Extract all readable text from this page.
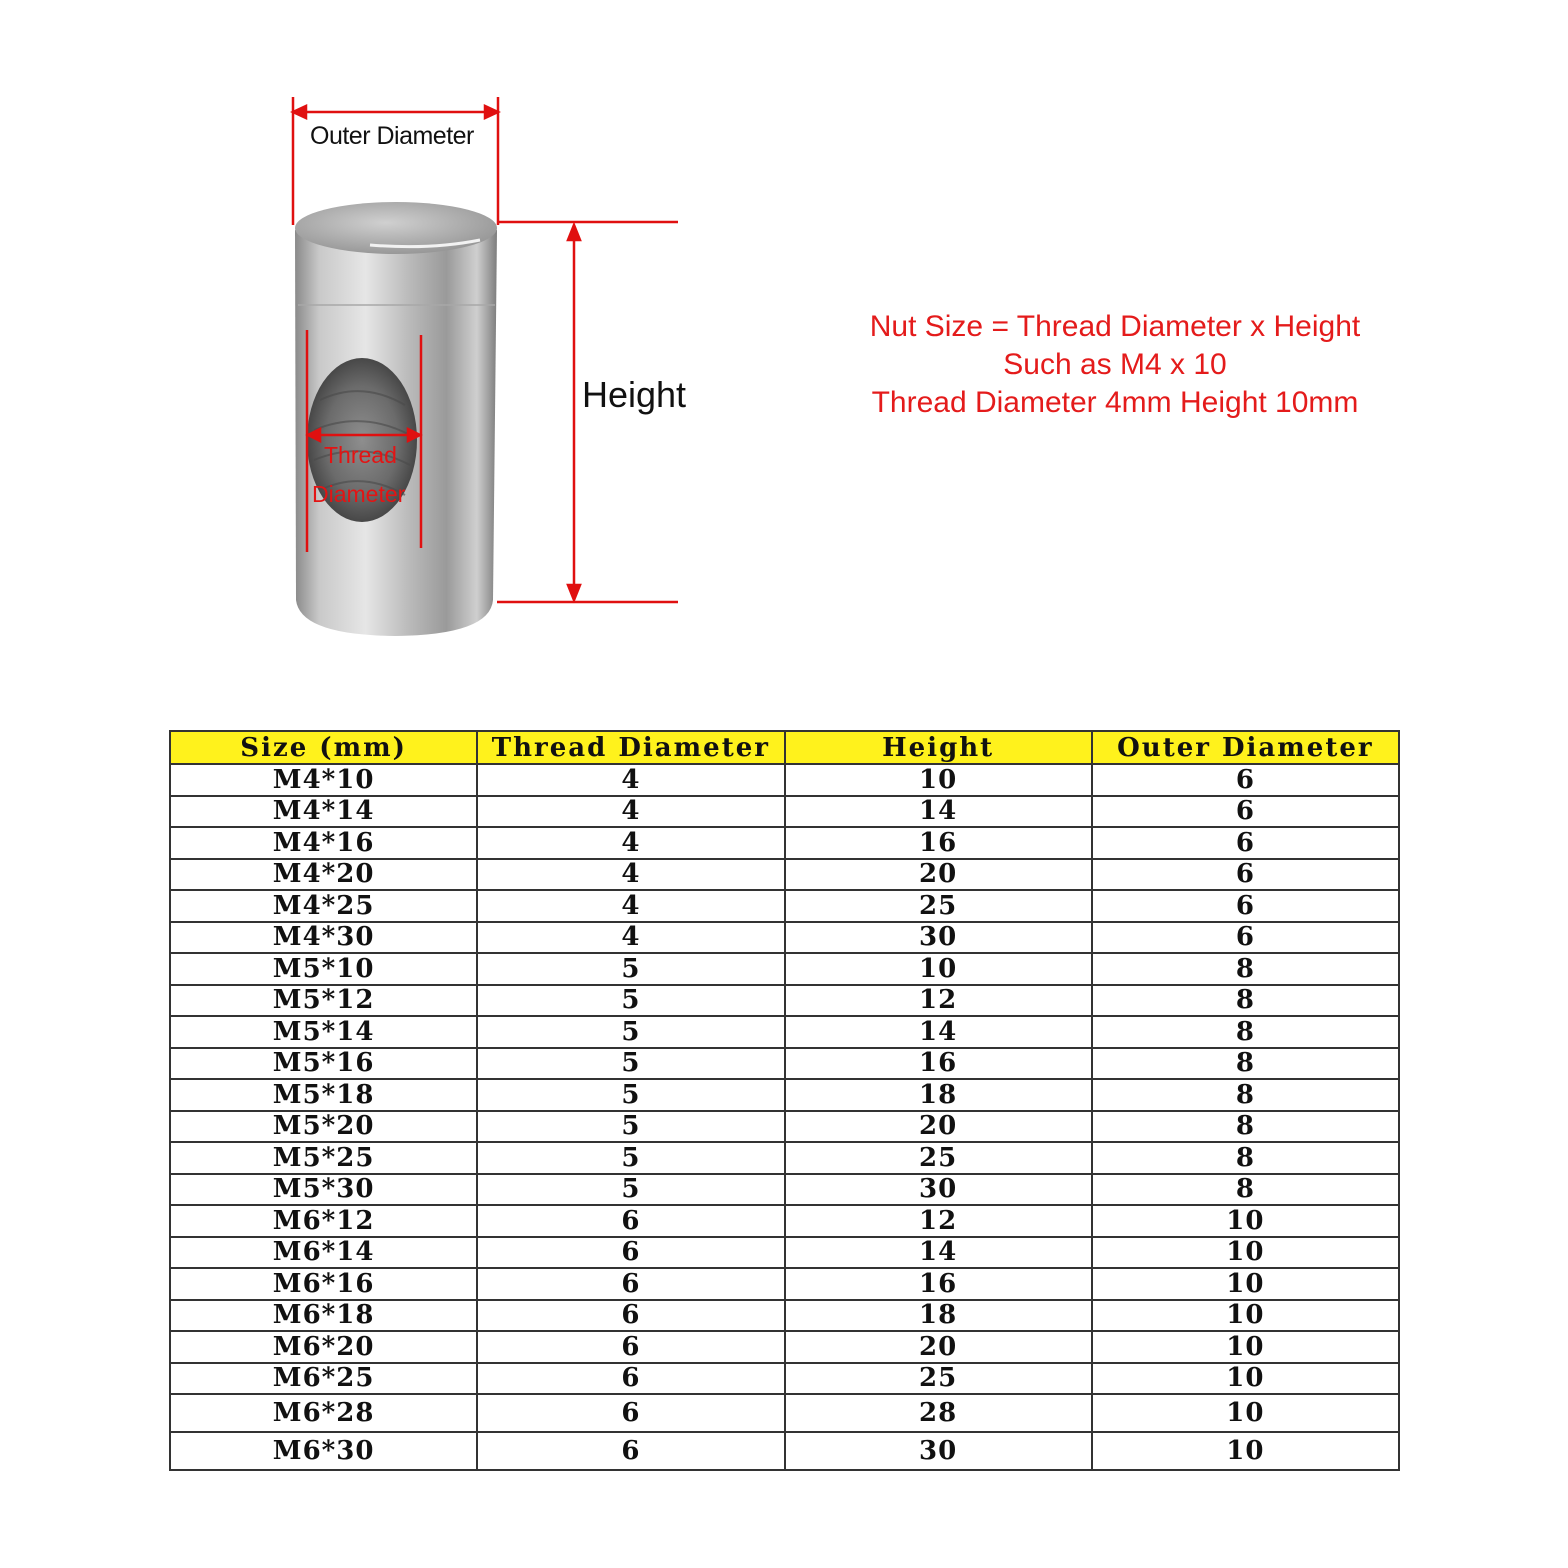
Outer Diameter
Height
Thread
Diameter
Nut Size = Thread Diameter x Height
Such as M4 x 10
Thread Diameter 4mm Height 10mm
Size (mm)	Thread Diameter	Height	Outer Diameter
M4*10	4	10	6
M4*14	4	14	6
M4*16	4	16	6
M4*20	4	20	6
M4*25	4	25	6
M4*30	4	30	6
M5*10	5	10	8
M5*12	5	12	8
M5*14	5	14	8
M5*16	5	16	8
M5*18	5	18	8
M5*20	5	20	8
M5*25	5	25	8
M5*30	5	30	8
M6*12	6	12	10
M6*14	6	14	10
M6*16	6	16	10
M6*18	6	18	10
M6*20	6	20	10
M6*25	6	25	10
M6*28	6	28	10
M6*30	6	30	10
